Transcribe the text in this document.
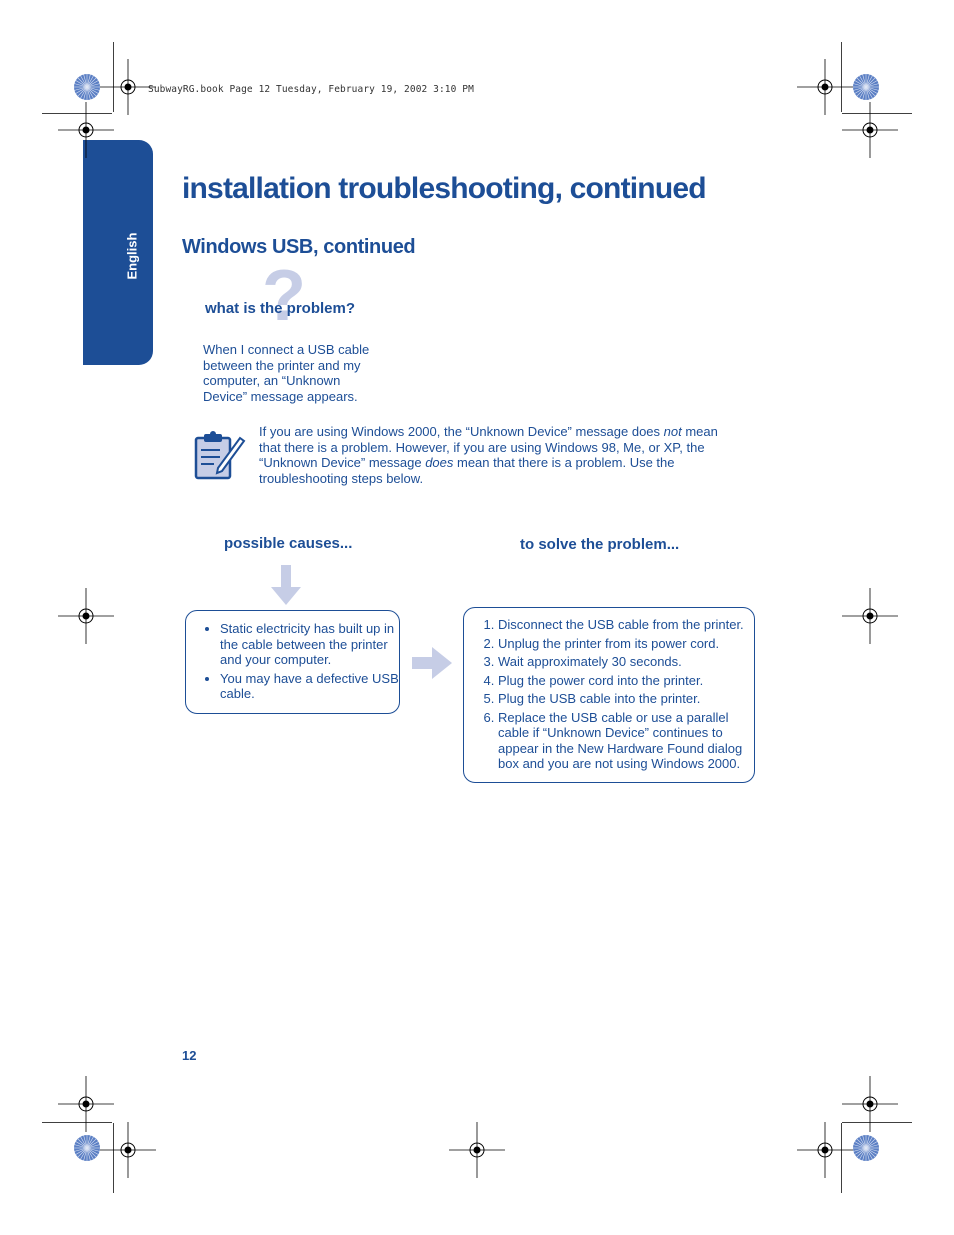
SubwayRG.book Page 12 Tuesday, February 19, 2002 3:10 PM
English
installation troubleshooting, continued
Windows USB, continued
?
what is the problem?
When I connect a USB cable between the printer and my computer, an “Unknown Device” message appears.
If you are using Windows 2000, the “Unknown Device” message does not mean that there is a problem. However, if you are using Windows 98, Me, or XP, the “Unknown Device” message does mean that there is a problem. Use the troubleshooting steps below.
possible causes...	to solve the problem...
• Static electricity has built up in the cable between the printer and your computer.
• You may have a defective USB cable.
1. Disconnect the USB cable from the printer.
2. Unplug the printer from its power cord.
3. Wait approximately 30 seconds.
4. Plug the power cord into the printer.
5. Plug the USB cable into the printer.
6. Replace the USB cable or use a parallel cable if “Unknown Device” continues to appear in the New Hardware Found dialog box and you are not using Windows 2000.
12
